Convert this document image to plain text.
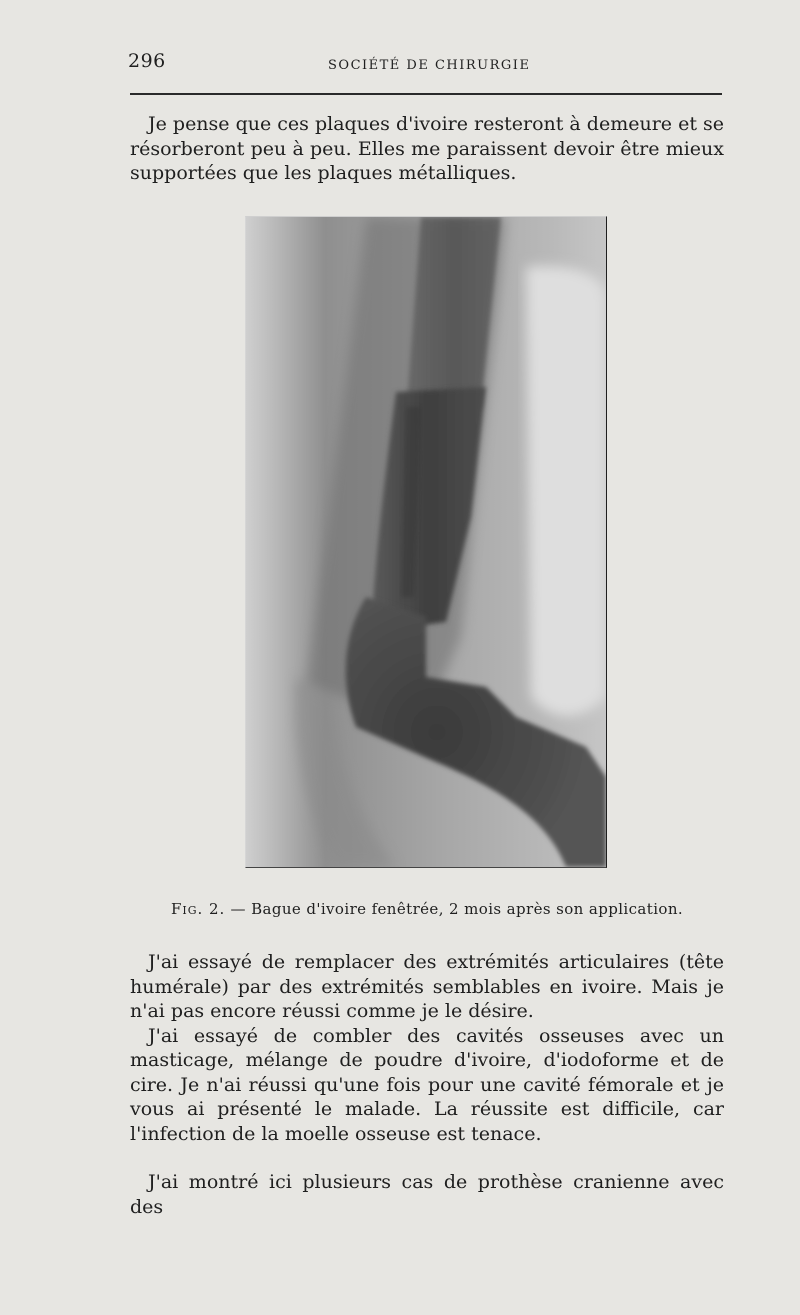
296	SOCIÉTÉ DE CHIRURGIE

Je pense que ces plaques d'ivoire resteront à demeure et se résorberont peu à peu. Elles me paraissent devoir être mieux supportées que les plaques métalliques.

Fig. 2. — Bague d'ivoire fenêtrée, 2 mois après son application.

J'ai essayé de remplacer des extrémités articulaires (tête humérale) par des extrémités semblables en ivoire. Mais je n'ai pas encore réussi comme je le désire.

J'ai essayé de combler des cavités osseuses avec un masticage, mélange de poudre d'ivoire, d'iodoforme et de cire. Je n'ai réussi qu'une fois pour une cavité fémorale et je vous ai présenté le malade. La réussite est difficile, car l'infection de la moelle osseuse est tenace.

J'ai montré ici plusieurs cas de prothèse cranienne avec des
